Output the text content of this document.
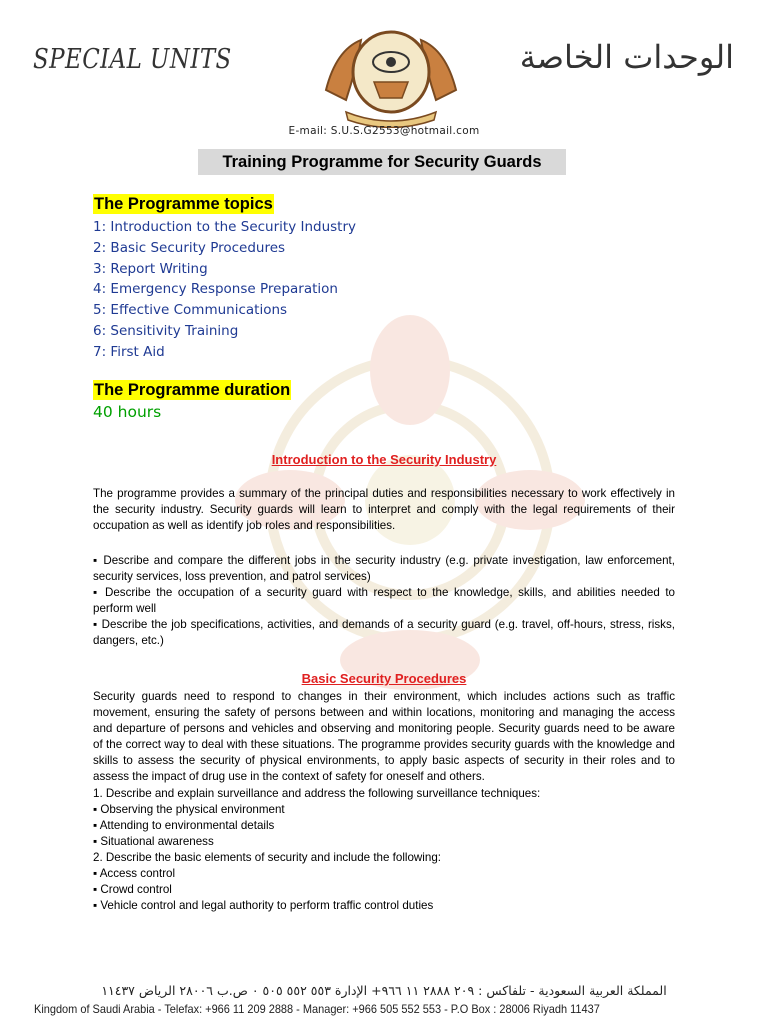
SPECIAL UNITS	الوحدات الخاصة
E-mail: S.U.S.G2553@hotmail.com
Training Programme for Security Guards
The Programme topics
1: Introduction to the Security Industry
2: Basic Security Procedures
3: Report Writing
4: Emergency Response Preparation
5: Effective Communications
6: Sensitivity Training
7: First Aid
The Programme duration
40 hours
Introduction to the Security Industry

The programme provides a summary of the principal duties and responsibilities necessary to work effectively in the security industry. Security guards will learn to interpret and comply with the legal requirements of their occupation as well as identify job roles and responsibilities.

▪ Describe and compare the different jobs in the security industry (e.g. private investigation, law enforcement, security services, loss prevention, and patrol services)

▪ Describe the occupation of a security guard with respect to the knowledge, skills, and abilities needed to perform well

▪ Describe the job specifications, activities, and demands of a security guard (e.g. travel, off-hours, stress, risks, dangers, etc.)

Basic Security Procedures

Security guards need to respond to changes in their environment, which includes actions such as traffic movement, ensuring the safety of persons between and within locations, monitoring and managing the access and departure of persons and vehicles and observing and monitoring people. Security guards need to be aware of the correct way to deal with these situations. The programme provides security guards with the knowledge and skills to assess the security of physical environments, to apply basic aspects of security in their roles and to assess the impact of drug use in the context of safety for oneself and others.

1. Describe and explain surveillance and address the following surveillance techniques:

▪ Observing the physical environment

▪ Attending to environmental details

▪ Situational awareness

2. Describe the basic elements of security and include the following:

▪ Access control

▪ Crowd control

▪ Vehicle control and legal authority to perform traffic control duties

المملكة العربية السعودية - تلفاكس : ٢٠٩ ٢٨٨٨ ١١ ٩٦٦+ الإدارة ٥٥٣ ٥٥٢ ٥٠٥ ٠ ص.ب ٢٨٠٠٦ الرياض ١١٤٣٧
Kingdom of Saudi Arabia - Telefax: +966 11 209 2888 - Manager: +966 505 552 553 - P.O Box : 28006 Riyadh 11437
